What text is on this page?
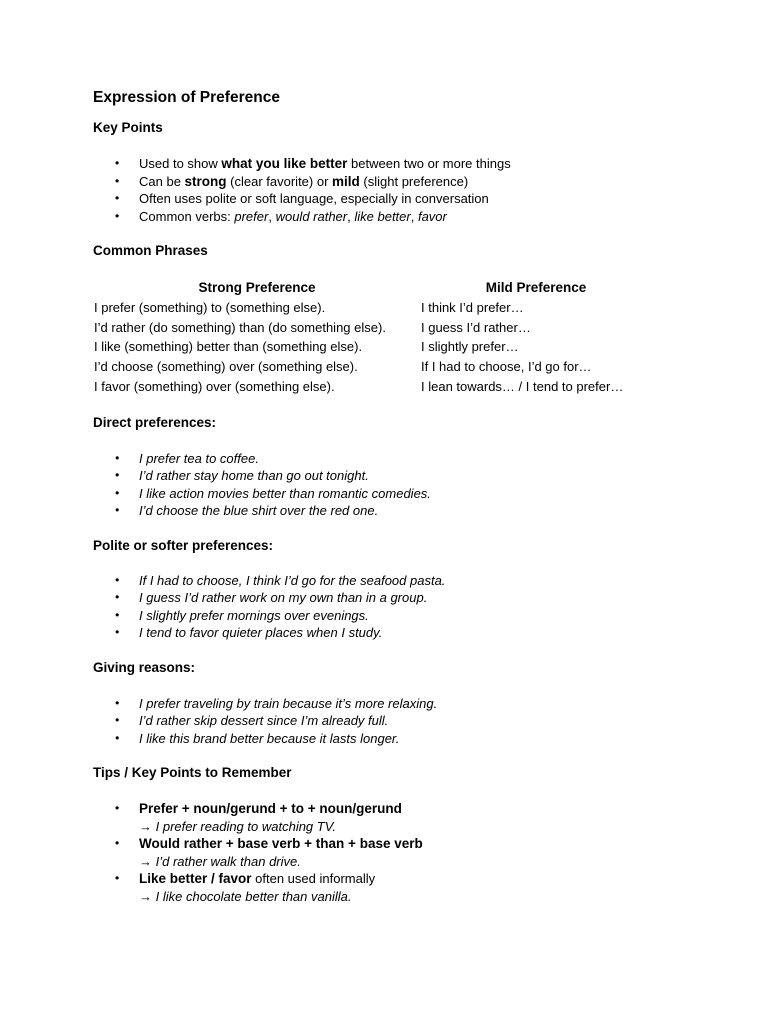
Expression of Preference
Key Points
• Used to show what you like better between two or more things
• Can be strong (clear favorite) or mild (slight preference)
• Often uses polite or soft language, especially in conversation
• Common verbs: prefer, would rather, like better, favor
Common Phrases
Strong Preference	Mild Preference
I prefer (something) to (something else).	I think I’d prefer…
I’d rather (do something) than (do something else).	I guess I’d rather…
I like (something) better than (something else).	I slightly prefer…
I’d choose (something) over (something else).	If I had to choose, I’d go for…
I favor (something) over (something else).	I lean towards… / I tend to prefer…
Direct preferences:
• I prefer tea to coffee.
• I’d rather stay home than go out tonight.
• I like action movies better than romantic comedies.
• I’d choose the blue shirt over the red one.
Polite or softer preferences:
• If I had to choose, I think I’d go for the seafood pasta.
• I guess I’d rather work on my own than in a group.
• I slightly prefer mornings over evenings.
• I tend to favor quieter places when I study.
Giving reasons:
• I prefer traveling by train because it’s more relaxing.
• I’d rather skip dessert since I’m already full.
• I like this brand better because it lasts longer.
Tips / Key Points to Remember
• Prefer + noun/gerund + to + noun/gerund
→ I prefer reading to watching TV.
• Would rather + base verb + than + base verb
→ I’d rather walk than drive.
• Like better / favor often used informally
→ I like chocolate better than vanilla.
